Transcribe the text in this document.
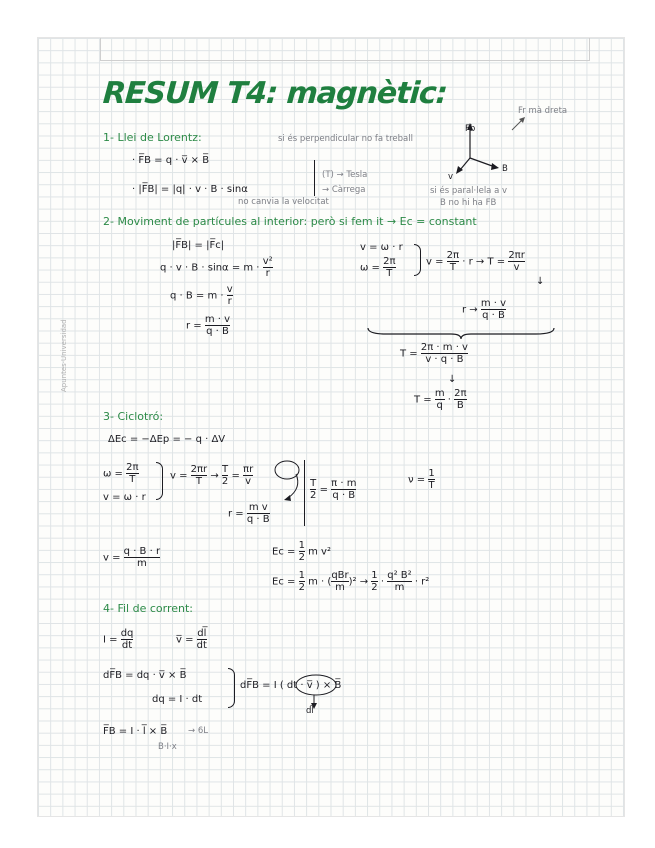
Apuntes·Universidad
RESUM T4: magnètic:
Fb
B
v
Fr mà dreta
1- Llei de Lorentz:
· F̅B = q · v̅ × B̅
· |F̅B| = |q| · v · B · sinα
si és perpendicular no fa treball
(T) → Tesla
→ Càrrega
no canvia la velocitat
si és paral·lela a v
B no hi ha FB
2- Moviment de partícules al interior: però si fem it → Ec = constant
|F̅B| = |F̅c|
$q \cdot v \cdot B \cdot \sin\alpha = m \cdot \frac{\text{v²}}{r}$
$q \cdot B = m \cdot \frac{v}{r}$
$r = \frac{m \cdot v}{q \cdot B}$
v = ω · r
$\omega = \frac{2\pi}{T}$	$v = \frac{2\pi}{T} \cdot r \to T = \frac{2\pi r}{v}$
↓
$r \to \frac{m \cdot v}{q \cdot B}$
$T = \frac{2\pi \cdot m \cdot v}{v \cdot q \cdot B}$
↓
$T = \frac{m}{q} \cdot \frac{2\pi}{B}$
3- Ciclotró:
ΔEc = −ΔEp = − q · ΔV
$\omega = \frac{2\pi}{T}$
v = ω · r
$v = \frac{2\pi r}{T} \to \frac{T}{2} = \frac{\pi r}{v}$
$r = \frac{\text{m v}}{q \cdot B}$
$\frac{T}{2} = \frac{\pi \cdot m}{q \cdot B}$	$\nu = \frac{1}{T}$
$v = \frac{q \cdot B \cdot r}{m}$	$Ec = \frac{1}{2}$ m v²
$Ec = \frac{1}{2}$ m · ( $\frac{\text{qBr}}{m} )^2 \to \frac{1}{2} \cdot \frac{\text{q² B²}}{m} \cdot r^2$
4- Fil de corrent:
$I = \frac{dq}{dt}$	v̅ = $\frac{dl̅}{dt}$
dF̅B = dq · v̅ × B̅
dq = I · dt
dF̅B = I ( dt · v̅ ) × B̅
dl̅
F̅B = I · l̅ × B̅ → 6L
B·I·x
